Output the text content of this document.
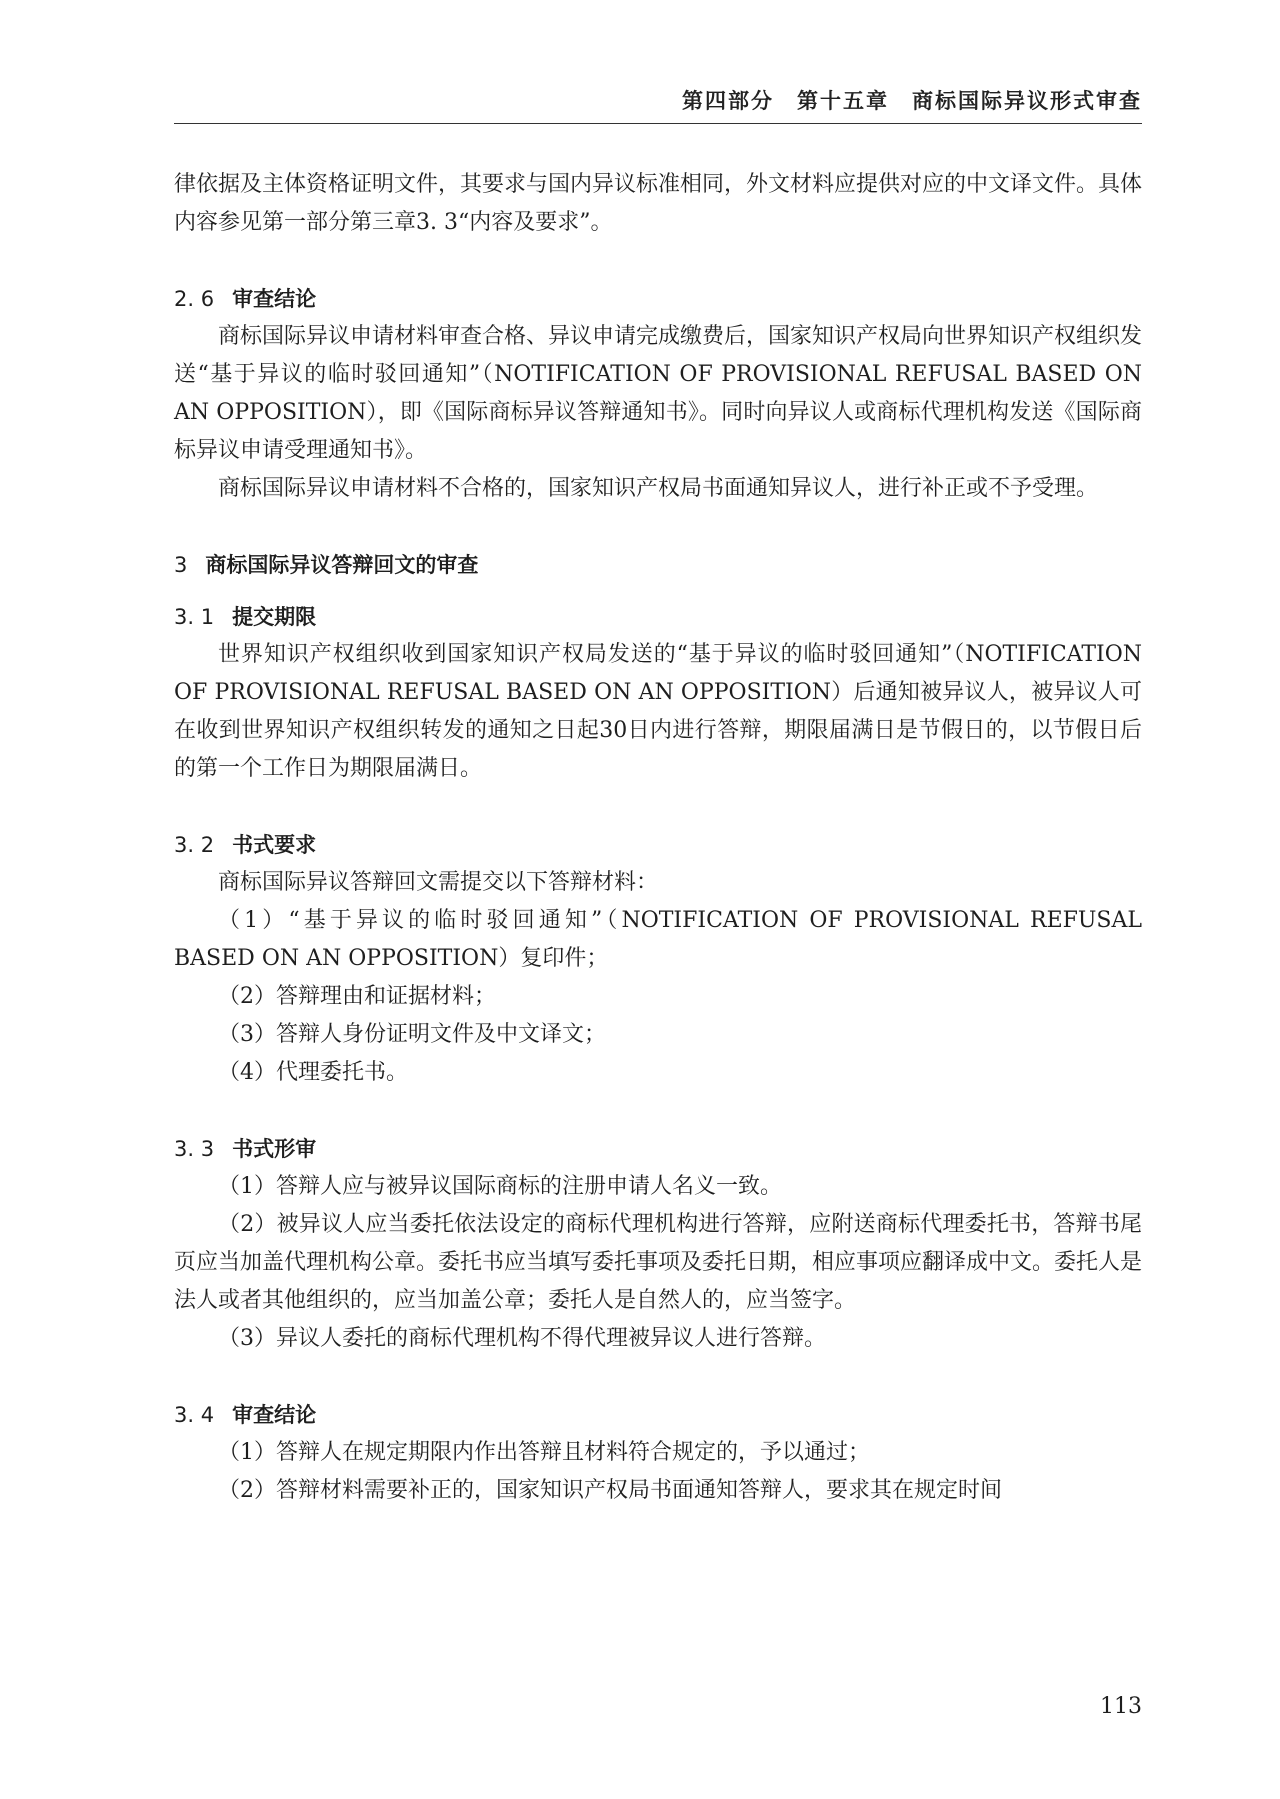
第四部分　第十五章　商标国际异议形式审查

律依据及主体资格证明文件，其要求与国内异议标准相同，外文材料应提供对应的中文译文件。具体内容参见第一部分第三章3. 3“内容及要求”。

2. 6 审查结论

商标国际异议申请材料审查合格、异议申请完成缴费后，国家知识产权局向世界知识产权组织发送“基于异议的临时驳回通知”（NOTIFICATION OF PROVISIONAL REFUSAL BASED ON AN OPPOSITION），即《国际商标异议答辩通知书》。同时向异议人或商标代理机构发送《国际商标异议申请受理通知书》。

商标国际异议申请材料不合格的，国家知识产权局书面通知异议人，进行补正或不予受理。

3 商标国际异议答辩回文的审查
3. 1 提交期限

世界知识产权组织收到国家知识产权局发送的“基于异议的临时驳回通知”（NOTIFICATION OF PROVISIONAL REFUSAL BASED ON AN OPPOSITION）后通知被异议人，被异议人可在收到世界知识产权组织转发的通知之日起30日内进行答辩，期限届满日是节假日的，以节假日后的第一个工作日为期限届满日。

3. 2 书式要求

商标国际异议答辩回文需提交以下答辩材料：

（1）“基于异议的临时驳回通知”（NOTIFICATION OF PROVISIONAL REFUSAL BASED ON AN OPPOSITION）复印件；

（2）答辩理由和证据材料；

（3）答辩人身份证明文件及中文译文；

（4）代理委托书。

3. 3 书式形审

（1）答辩人应与被异议国际商标的注册申请人名义一致。

（2）被异议人应当委托依法设定的商标代理机构进行答辩，应附送商标代理委托书，答辩书尾页应当加盖代理机构公章。委托书应当填写委托事项及委托日期，相应事项应翻译成中文。委托人是法人或者其他组织的，应当加盖公章；委托人是自然人的，应当签字。

（3）异议人委托的商标代理机构不得代理被异议人进行答辩。

3. 4 审查结论

（1）答辩人在规定期限内作出答辩且材料符合规定的，予以通过；

（2）答辩材料需要补正的，国家知识产权局书面通知答辩人，要求其在规定时间

113
